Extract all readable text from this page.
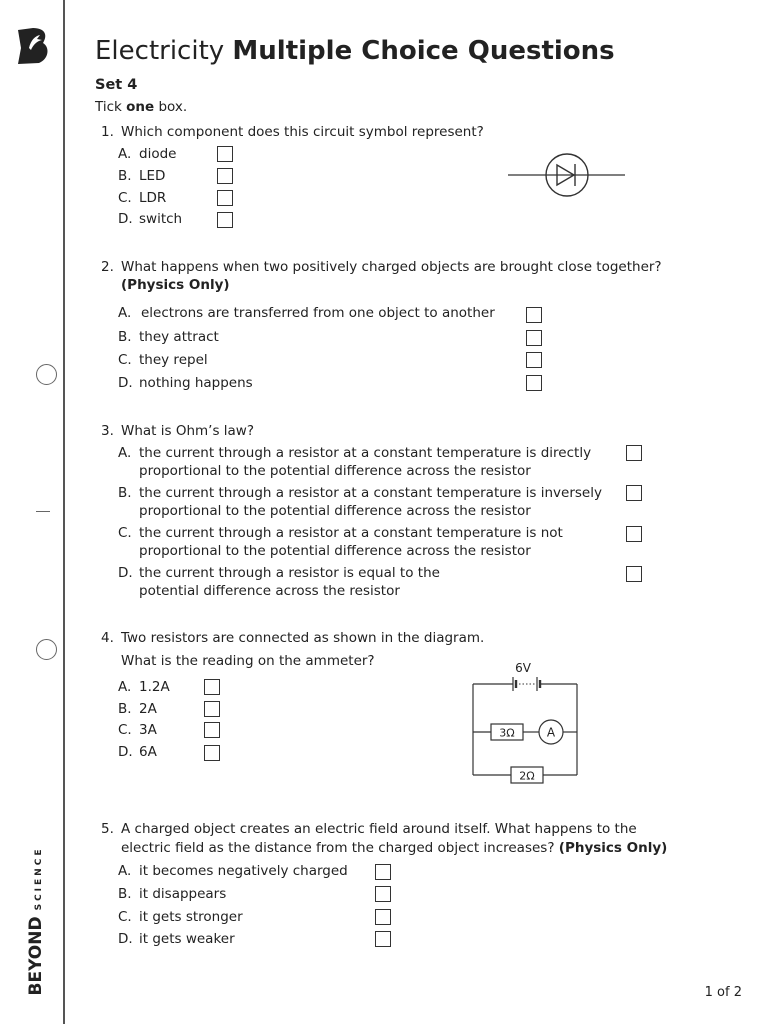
BEYOND
SCIENCE
Electricity Multiple Choice Questions
Set 4
Tick one box.
1. Which component does this circuit symbol represent?
A. diode
B. LED
C. LDR
D. switch
2. What happens when two positively charged objects are brought close together?
(Physics Only)
A. electrons are transferred from one object to another
B. they attract
C. they repel
D. nothing happens
3. What is Ohm’s law?
A. the current through a resistor at a constant temperature is directly
proportional to the potential difference across the resistor
B. the current through a resistor at a constant temperature is inversely
proportional to the potential difference across the resistor
C. the current through a resistor at a constant temperature is not
proportional to the potential difference across the resistor
D. the current through a resistor is equal to the
potential difference across the resistor
4. Two resistors are connected as shown in the diagram.
What is the reading on the ammeter?
A. 1.2A
B. 2A
C. 3A
D. 6A
6V
3Ω	A
2Ω
5. A charged object creates an electric field around itself. What happens to the
electric field as the distance from the charged object increases? (Physics Only)
A. it becomes negatively charged
B. it disappears
C. it gets stronger
D. it gets weaker
1 of 2
